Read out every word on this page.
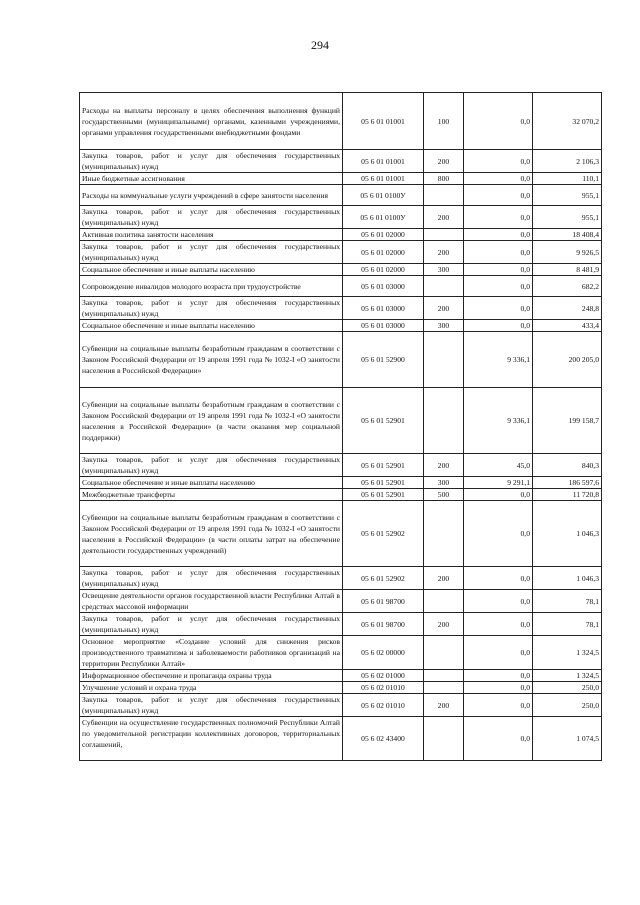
294
Расходы на выплаты персоналу в целях обеспечения выполнения функций государственными (муниципальными) органами, казенными учреждениями, органами управления государственными внебюджетными фондами	05 6 01 01001	100	0,0	32 070,2
Закупка товаров, работ и услуг для обеспечения государственных (муниципальных) нужд	05 6 01 01001	200	0,0	2 106,3
Иные бюджетные ассигнования	05 6 01 01001	800	0,0	110,1
Расходы на коммунальные услуги учреждений в сфере занятости населения	05 6 01 0100У		0,0	955,1
Закупка товаров, работ и услуг для обеспечения государственных (муниципальных) нужд	05 6 01 0100У	200	0,0	955,1
Активная политика занятости населения	05 6 01 02000		0,0	18 408,4
Закупка товаров, работ и услуг для обеспечения государственных (муниципальных) нужд	05 6 01 02000	200	0,0	9 926,5
Социальное обеспечение и иные выплаты населению	05 6 01 02000	300	0,0	8 481,9
Сопровождение инвалидов молодого возраста при трудоустройстве	05 6 01 03000		0,0	682,2
Закупка товаров, работ и услуг для обеспечения государственных (муниципальных) нужд	05 6 01 03000	200	0,0	248,8
Социальное обеспечение и иные выплаты населению	05 6 01 03000	300	0,0	433,4
Субвенции на социальные выплаты безработным гражданам в соответствии с Законом Российской Федерации от 19 апреля 1991 года № 1032-I «О занятости населения в Российской Федерации»	05 6 01 52900		9 336,1	200 205,0
Субвенции на социальные выплаты безработным гражданам в соответствии с Законом Российской Федерации от 19 апреля 1991 года № 1032-I «О занятости населения в Российской Федерации» (в части оказания мер социальной поддержки)	05 6 01 52901		9 336,1	199 158,7
Закупка товаров, работ и услуг для обеспечения государственных (муниципальных) нужд	05 6 01 52901	200	45,0	840,3
Социальное обеспечение и иные выплаты населению	05 6 01 52901	300	9 291,1	186 597,6
Межбюджетные трансферты	05 6 01 52901	500	0,0	11 720,8
Субвенции на социальные выплаты безработным гражданам в соответствии с Законом Российской Федерации от 19 апреля 1991 года № 1032-I «О занятости населения в Российской Федерации» (в части оплаты затрат на обеспечение деятельности государственных учреждений)	05 6 01 52902		0,0	1 046,3
Закупка товаров, работ и услуг для обеспечения государственных (муниципальных) нужд	05 6 01 52902	200	0,0	1 046,3
Освещение деятельности органов государственной власти Республики Алтай в средствах массовой информации	05 6 01 98700		0,0	78,1
Закупка товаров, работ и услуг для обеспечения государственных (муниципальных) нужд	05 6 01 98700	200	0,0	78,1
Основное мероприятие «Создание условий для снижения рисков производственного травматизма и заболеваемости работников организаций на территории Республики Алтай»	05 6 02 00000		0,0	1 324,5
Информационное обеспечение и пропаганда охраны труда	05 6 02 01000		0,0	1 324,5
Улучшение условий и охрана труда	05 6 02 01010		0,0	250,0
Закупка товаров, работ и услуг для обеспечения государственных (муниципальных) нужд	05 6 02 01010	200	0,0	250,0
Субвенции на осуществление государственных полномочий Республики Алтай по уведомительной регистрации коллективных договоров, территориальных соглашений,	05 6 02 43400		0,0	1 074,5
